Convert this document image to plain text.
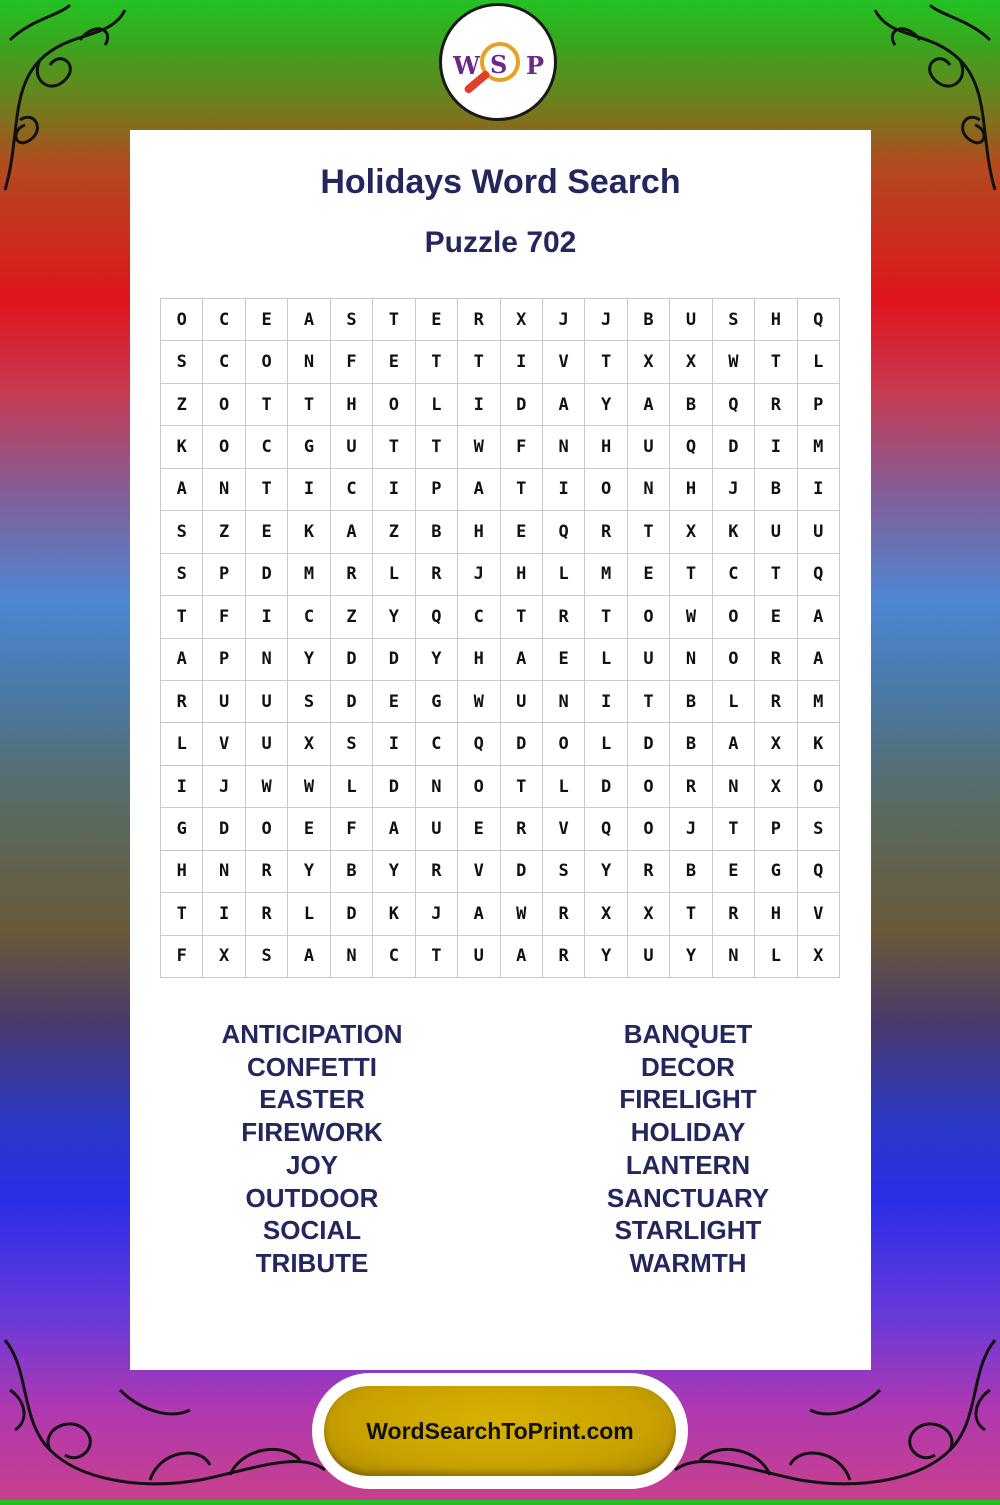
W S P
Holidays Word Search
Puzzle 702
O	C	E	A	S	T	E	R	X	J	J	B	U	S	H	Q
S	C	O	N	F	E	T	T	I	V	T	X	X	W	T	L
Z	O	T	T	H	O	L	I	D	A	Y	A	B	Q	R	P
K	O	C	G	U	T	T	W	F	N	H	U	Q	D	I	M
A	N	T	I	C	I	P	A	T	I	O	N	H	J	B	I
S	Z	E	K	A	Z	B	H	E	Q	R	T	X	K	U	U
S	P	D	M	R	L	R	J	H	L	M	E	T	C	T	Q
T	F	I	C	Z	Y	Q	C	T	R	T	O	W	O	E	A
A	P	N	Y	D	D	Y	H	A	E	L	U	N	O	R	A
R	U	U	S	D	E	G	W	U	N	I	T	B	L	R	M
L	V	U	X	S	I	C	Q	D	O	L	D	B	A	X	K
I	J	W	W	L	D	N	O	T	L	D	O	R	N	X	O
G	D	O	E	F	A	U	E	R	V	Q	O	J	T	P	S
H	N	R	Y	B	Y	R	V	D	S	Y	R	B	E	G	Q
T	I	R	L	D	K	J	A	W	R	X	X	T	R	H	V
F	X	S	A	N	C	T	U	A	R	Y	U	Y	N	L	X
ANTICIPATION
CONFETTI
EASTER
FIREWORK
JOY
OUTDOOR
SOCIAL
TRIBUTE
BANQUET
DECOR
FIRELIGHT
HOLIDAY
LANTERN
SANCTUARY
STARLIGHT
WARMTH
WordSearchToPrint.com
